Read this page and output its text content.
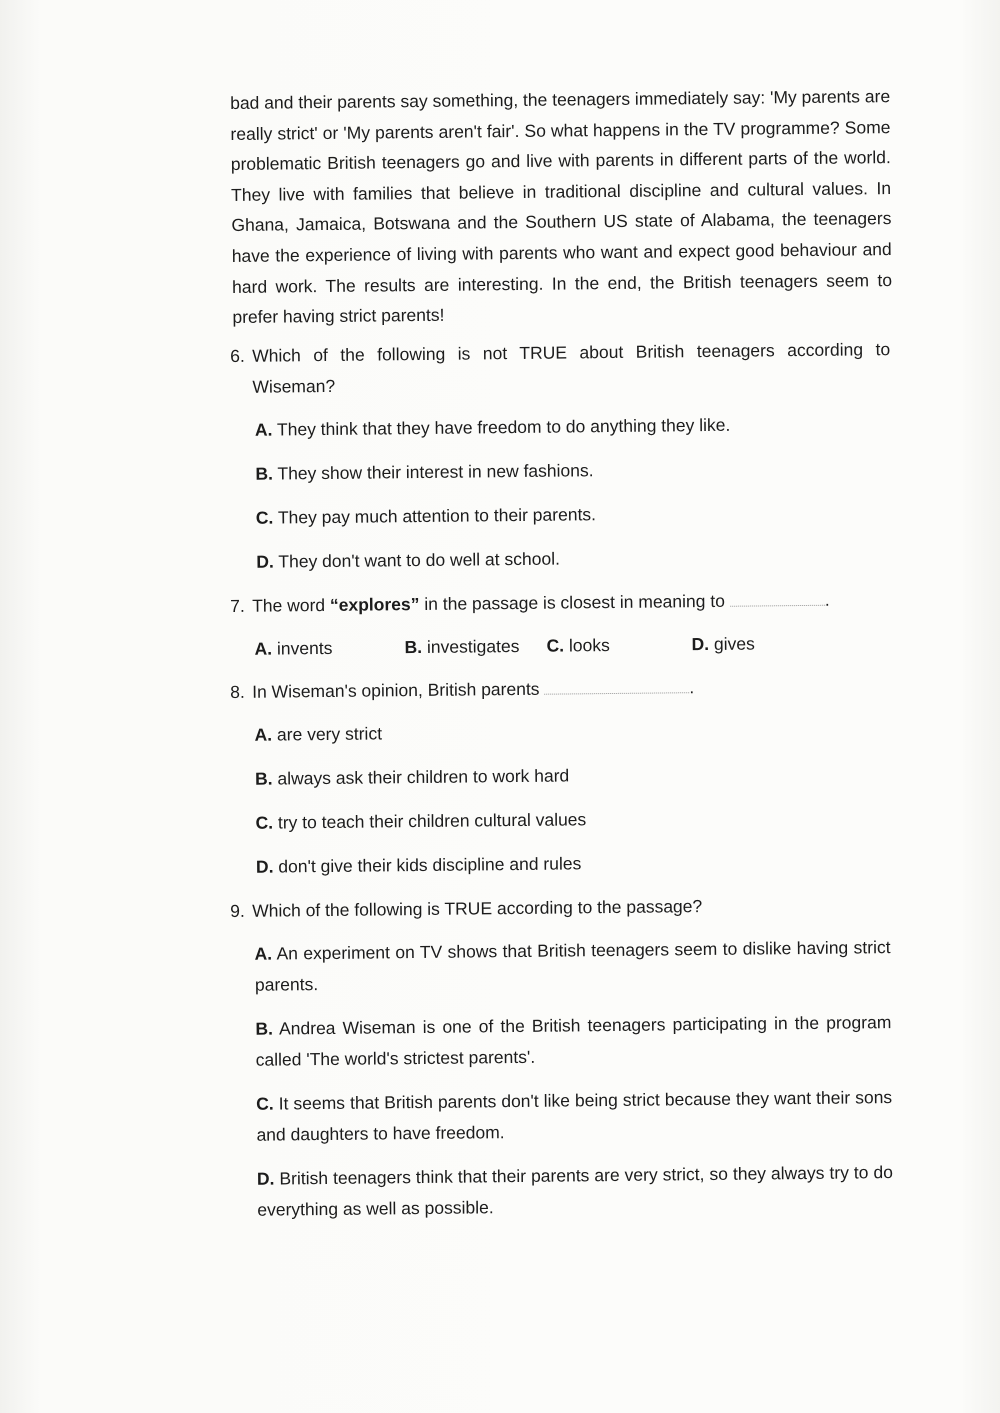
bad and their parents say something, the teenagers immediately say: 'My parents are really strict' or 'My parents aren't fair'. So what happens in the TV programme? Some problematic British teenagers go and live with parents in different parts of the world. They live with families that believe in traditional discipline and cultural values. In Ghana, Jamaica, Botswana and the Southern US state of Alabama, the teenagers have the experience of living with parents who want and expect good behaviour and hard work. The results are interesting. In the end, the British teenagers seem to prefer having strict parents!

6. Which of the following is not TRUE about British teenagers according to Wiseman?
A. They think that they have freedom to do anything they like.
B. They show their interest in new fashions.
C. They pay much attention to their parents.
D. They don't want to do well at school.
7. The word “explores” in the passage is closest in meaning to	.
A. invents	B. investigates	C. looks	D. gives
8. In Wiseman's opinion, British parents	.
A. are very strict
B. always ask their children to work hard
C. try to teach their children cultural values
D. don't give their kids discipline and rules
9. Which of the following is TRUE according to the passage?
A. An experiment on TV shows that British teenagers seem to dislike having strict parents.
B. Andrea Wiseman is one of the British teenagers participating in the program called 'The world's strictest parents'.
C. It seems that British parents don't like being strict because they want their sons and daughters to have freedom.
D. British teenagers think that their parents are very strict, so they always try to do everything as well as possible.
